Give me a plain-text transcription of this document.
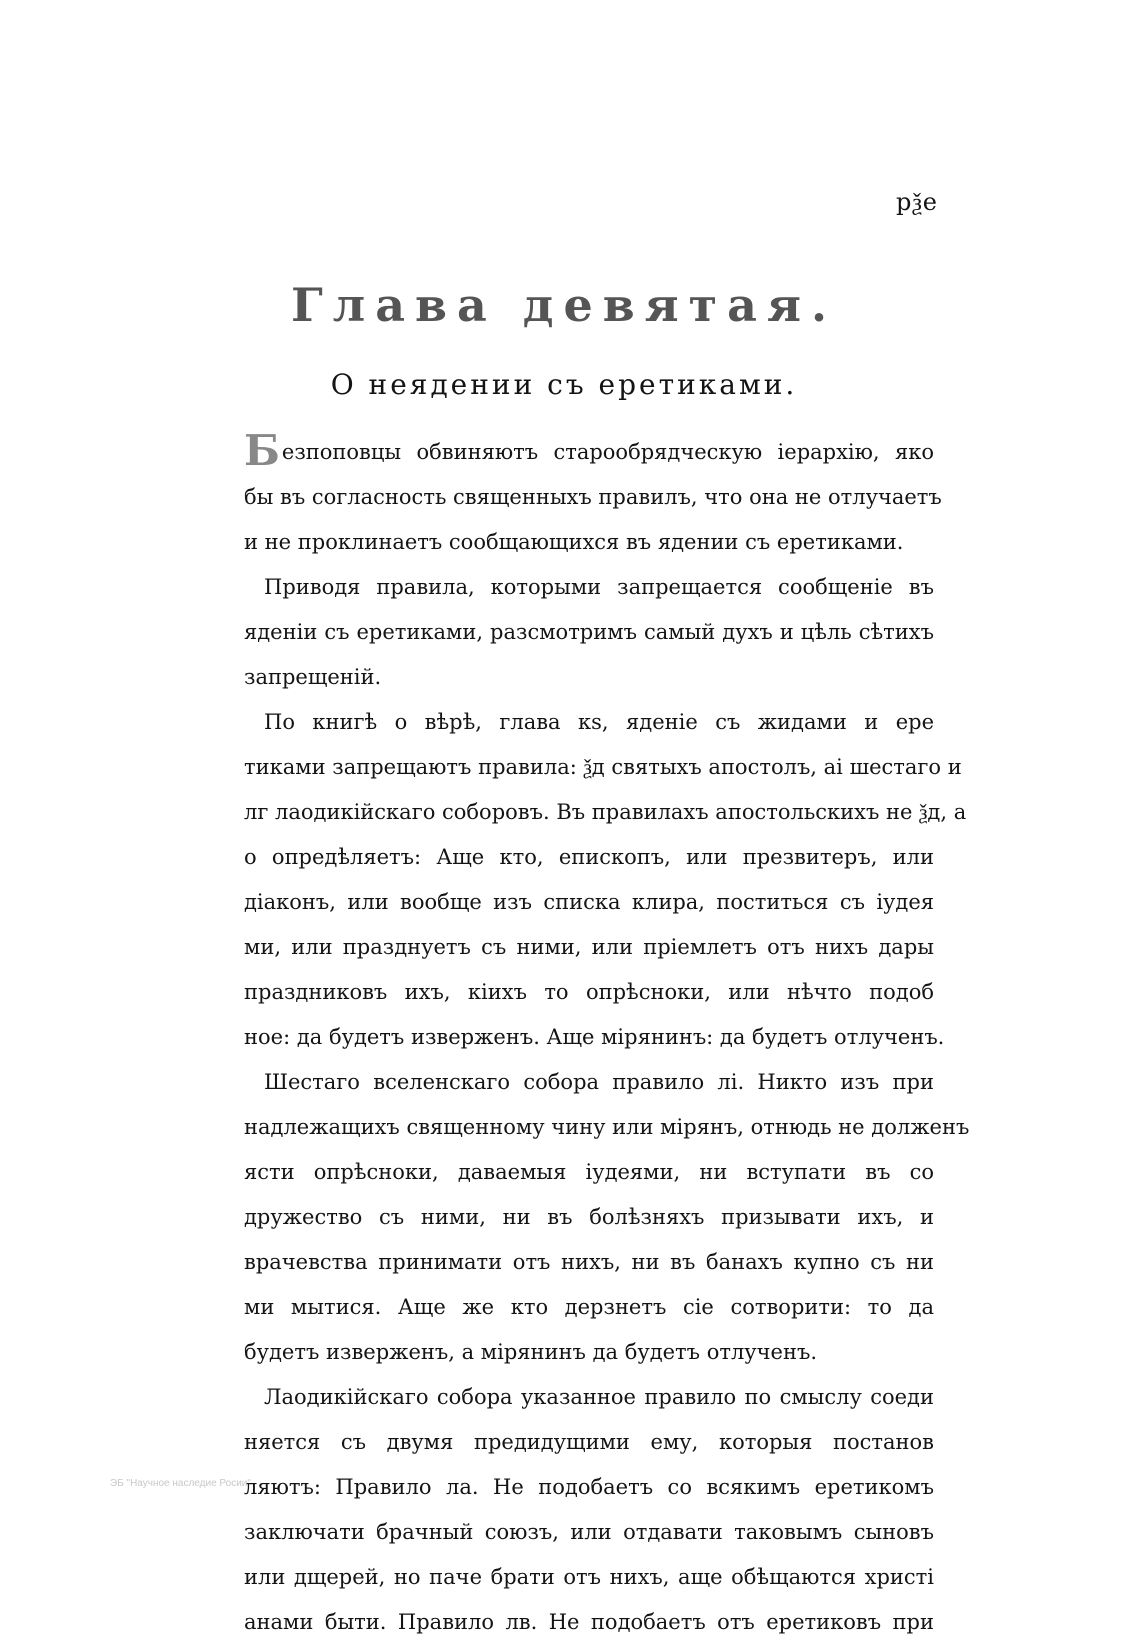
рѯе
Глава девятая.
О неядении съ еретиками.
Безпоповцы обвиняютъ старообрядческую iерархiю, яко
бы въ согласность священныхъ правилъ, что она не отлучаетъ
и не проклинаетъ сообщающихся въ ядении съ еретиками.
Приводя правила, которыми запрещается сообщенiе въ
яденiи съ еретиками, разсмотримъ самый духъ и цѣль сѣтихъ
запрещенiй.
По книгѣ о вѣрѣ, глава кѕ, яденiе съ жидами и ере
тиками запрещаютъ правила: ѯд святыхъ апостолъ, аi шестаго и
лг лаодикiйскаго соборовъ. Въ правилахъ апостольскихъ не ѯд, а
о опредѣляетъ: Аще кто, епископъ, или презвитеръ, или
дiаконъ, или вообще изъ списка клира, поститься съ iудея
ми, или празднуетъ съ ними, или прiемлетъ отъ нихъ дары
праздниковъ ихъ, кiихъ то опрѣсноки, или нѣчто подоб
ное: да будетъ изверженъ. Аще мiрянинъ: да будетъ отлученъ.
Шестаго вселенскаго собора правило лi. Никто изъ при
надлежащихъ священному чину или мiрянъ, отнюдь не долженъ
ясти опрѣсноки, даваемыя iудеями, ни вступати въ со
дружество съ ними, ни въ болѣзняхъ призывати ихъ, и
врачевства принимати отъ нихъ, ни въ банахъ купно съ ни
ми мытися. Аще же кто дерзнетъ сiе сотворити: то да
будетъ изверженъ, а мiрянинъ да будетъ отлученъ.
Лаодикiйскаго собора указанное правило по смыслу соеди
няется съ двумя предидущими ему, которыя постанов
ляютъ: Правило ла. Не подобаетъ со всякимъ еретикомъ
заключати брачный союзъ, или отдавати таковымъ сыновъ
или дщерей, но паче брати отъ нихъ, аще обѣщаются христi
анами быти. Правило лв. Не подобаетъ отъ еретиковъ при
ЭБ "Научное наследие Росии"
